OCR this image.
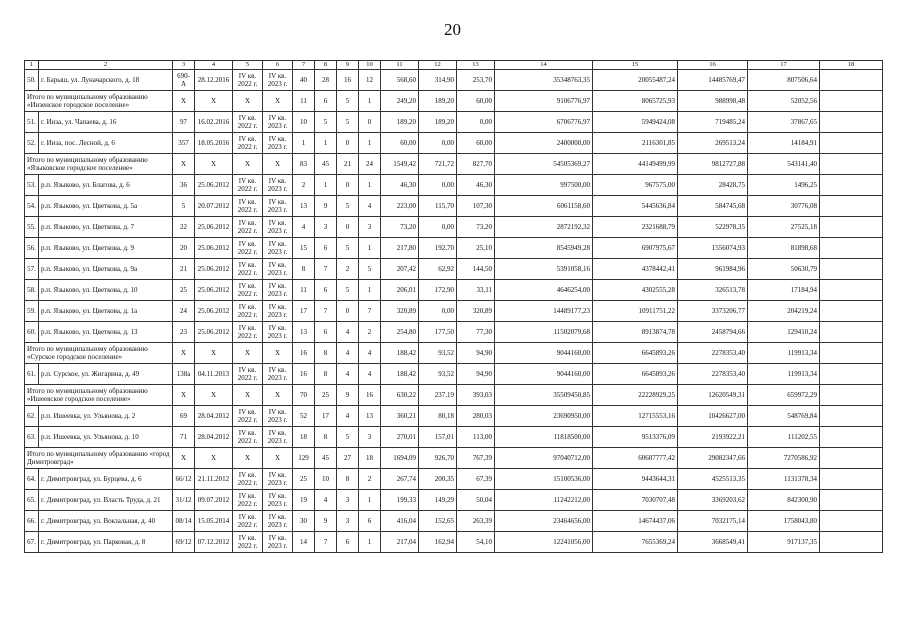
20
1	2	3	4	5	6	7	8	9	10	11	12	13	14	15	16	17	18
50.	г. Барыш, ул. Луначарского, д. 18	690-А	28.12.2016	IV кв. 2022 г.	IV кв. 2023 г.	40	28	16	12	568,60	314,90	253,70	35348763,35	20055487,24	14485769,47	807506,64	
Итого по муниципальному образованию «Инзенское городское поселение»		X	X	X	X	11	6	5	1	249,20	189,20	60,00	9106776,97	8065725,93	988998,48	52052,56	
51.	г. Инза, ул. Чапаева, д. 16	97	16.02.2016	IV кв. 2022 г.	IV кв. 2023 г.	10	5	5	0	189,20	189,20	0,00	6706776,97	5949424,08	719485,24	37867,65	
52.	г. Инза, пос. Лесной, д. 6	357	18.05.2016	IV кв. 2022 г.	IV кв. 2023 г.	1	1	0	1	60,00	0,00	60,00	2400000,00	2116301,85	269513,24	14184,91	
Итого по муниципальному образованию «Языковское городское поселение»		X	X	X	X	83	45	21	24	1549,42	721,72	827,70	54505369,27	44149499,99	9812727,88	543141,40	
53.	р.п. Языково, ул. Благова, д. 6	36	25.06.2012	IV кв. 2022 г.	IV кв. 2023 г.	2	1	0	1	46,30	0,00	46,30	997500,00	967575,00	28428,75	1496,25	
54.	р.п. Языково, ул. Цветкова, д. 5а	5	20.07.2012	IV кв. 2022 г.	IV кв. 2023 г.	13	9	5	4	223,00	115,70	107,30	6061158,60	5445636,84	584745,68	30776,08	
55.	р.п. Языково, ул. Цветкова, д. 7	22	25.06.2012	IV кв. 2022 г.	IV кв. 2023 г.	4	3	0	3	73,20	0,00	73,20	2872192,32	2321688,79	522978,35	27525,18	
56.	р.п. Языково, ул. Цветкова, д. 9	20	25.06.2012	IV кв. 2022 г.	IV кв. 2023 г.	15	6	5	1	217,80	192,70	25,10	8545949,28	6907975,67	1556074,93	81898,68	
57.	р.п. Языково, ул. Цветкова, д. 9а	21	25.06.2012	IV кв. 2022 г.	IV кв. 2023 г.	8	7	2	5	207,42	62,92	144,50	5391058,16	4378442,41	961984,96	50630,79	
58.	р.п. Языково, ул. Цветкова, д. 10	25	25.06.2012	IV кв. 2022 г.	IV кв. 2023 г.	11	6	5	1	206,01	172,90	33,11	4646254,00	4302555,28	326513,78	17184,94	
59.	р.п. Языково, ул. Цветкова, д. 1а	24	25.06.2012	IV кв. 2022 г.	IV кв. 2023 г.	17	7	0	7	320,89	0,00	320,89	14489177,23	10911751,22	3373206,77	204219,24	
60.	р.п. Языково, ул. Цветкова, д. 13	23	25.06.2012	IV кв. 2022 г.	IV кв. 2023 г.	13	6	4	2	254,80	177,50	77,30	11502079,68	8913874,78	2458794,66	129410,24	
Итого по муниципальному образованию «Сурское городское поселение»		X	X	X	X	16	8	4	4	188,42	93,52	94,90	9044160,00	6645893,26	2278353,40	119913,34	
61.	р.п. Сурское, ул. Жигарина, д. 49	138а	04.11.2013	IV кв. 2022 г.	IV кв. 2023 г.	16	8	4	4	188,42	93,52	94,90	9044160,00	6645893,26	2278353,40	119913,34	
Итого по муниципальному образованию «Ишеевское городское поселение»		X	X	X	X	70	25	9	16	630,22	237,19	393,03	35509450,85	22228929,25	12620549,31	659972,29	
62.	р.п. Ишеевка, ул. Ульянова, д. 2	69	28.04.2012	IV кв. 2022 г.	IV кв. 2023 г.	52	17	4	13	360,21	80,18	280,03	23690950,00	12715553,16	10426627,00	548769,84	
63.	р.п. Ишеевка, ул. Ульянова, д. 10	71	28.04.2012	IV кв. 2022 г.	IV кв. 2023 г.	18	8	5	3	270,01	157,01	113,00	11818500,00	9513376,09	2193922,21	111202,55	
Итого по муниципальному образованию «город Димитровград»		X	X	X	X	129	45	27	18	1694,09	926,70	767,39	97040712,00	60687777,42	29082347,66	7270586,92	
64.	г. Димитровград, ул. Бурцева, д. 6	66/12	21.11.2012	IV кв. 2022 г.	IV кв. 2023 г.	25	10	8	2	267,74	200,35	67,39	15100536,00	9443644,31	4525513,35	1131378,34	
65.	г. Димитровград, ул. Власть Труда, д. 21	31/12	09.07.2012	IV кв. 2022 г.	IV кв. 2023 г.	19	4	3	1	199,33	149,29	50,04	11242212,00	7030707,48	3369203,62	842300,90	
66.	г. Димитровград, ул. Вокзальная, д. 40	08/14	15.05.2014	IV кв. 2022 г.	IV кв. 2023 г.	30	9	3	6	416,04	152,65	263,39	23464656,00	14674437,06	7032175,14	1758043,80	
67.	г. Димитровград, ул. Парковая, д. 8	69/12	07.12.2012	IV кв. 2022 г.	IV кв. 2023 г.	14	7	6	1	217,04	162,94	54,10	12241056,00	7655369,24	3668549,41	917137,35	
